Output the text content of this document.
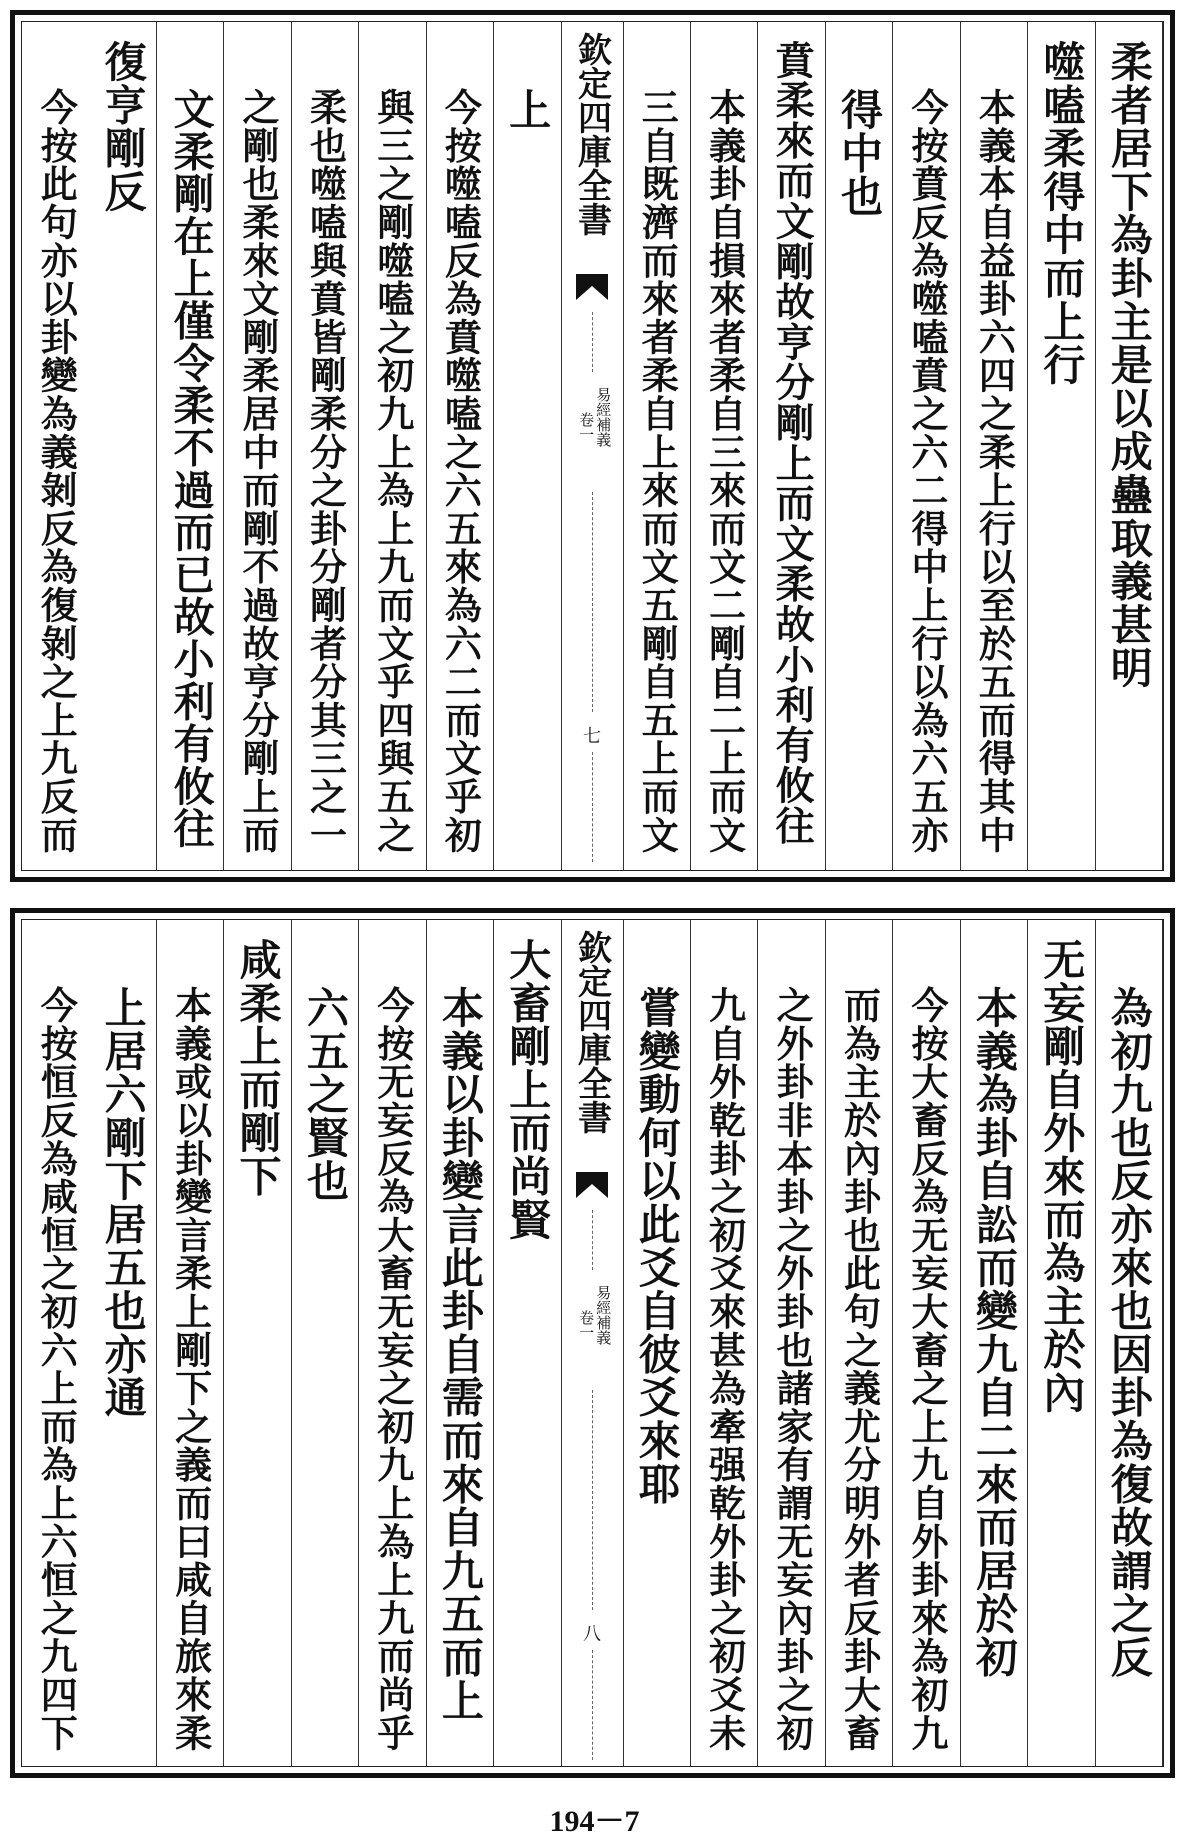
柔者居下為卦主是以成蠱取義甚明
噬嗑柔得中而上行
本義本自益卦六四之柔上行以至於五而得其中
今按賁反為噬嗑賁之六二得中上行以為六五亦
得中也
賁柔來而文剛故亨分剛上而文柔故小利有攸往
本義卦自損來者柔自三來而文二剛自二上而文
三自既濟而來者柔自上來而文五剛自五上而文
欽定四庫全書
易經補義
卷一
七
上
今按噬嗑反為賁噬嗑之六五來為六二而文乎初
與三之剛噬嗑之初九上為上九而文乎四與五之
柔也噬嗑與賁皆剛柔分之卦分剛者分其三之一
之剛也柔來文剛柔居中而剛不過故亨分剛上而
文柔剛在上僅令柔不過而已故小利有攸往
復亨剛反
今按此句亦以卦變為義剝反為復剝之上九反而
為初九也反亦來也因卦為復故謂之反
无妄剛自外來而為主於內
本義為卦自訟而變九自二來而居於初
今按大畜反為无妄大畜之上九自外卦來為初九
而為主於內卦也此句之義尤分明外者反卦大畜
之外卦非本卦之外卦也諸家有謂无妄內卦之初
九自外乾卦之初爻來甚為牽强乾外卦之初爻未
嘗變動何以此爻自彼爻來耶
欽定四庫全書
易經補義
卷一
八
大畜剛上而尚賢
本義以卦變言此卦自需而來自九五而上
今按无妄反為大畜无妄之初九上為上九而尚乎
六五之賢也
咸柔上而剛下
本義或以卦變言柔上剛下之義而曰咸自旅來柔
上居六剛下居五也亦通
今按恒反為咸恒之初六上而為上六恒之九四下
194－7
